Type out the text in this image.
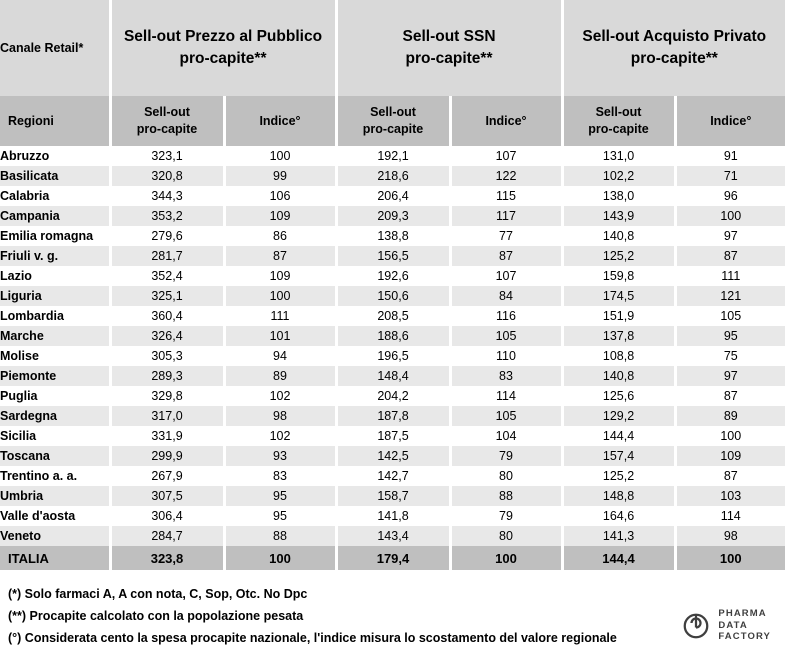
Canale Retail*	
Sell-out Prezzo al Pubblico
pro-capite**

Sell-out SSN
pro-capite**

Sell-out Acquisto Privato
pro-capite**

Regioni	
Sell-out
pro-capite
	Indice°	
Sell-out
pro-capite
	Indice°	
Sell-out
pro-capite
	Indice°
Abruzzo	323,1	100	192,1	107	131,0	91
Basilicata	320,8	99	218,6	122	102,2	71
Calabria	344,3	106	206,4	115	138,0	96
Campania	353,2	109	209,3	117	143,9	100
Emilia romagna	279,6	86	138,8	77	140,8	97
Friuli v. g.	281,7	87	156,5	87	125,2	87
Lazio	352,4	109	192,6	107	159,8	111
Liguria	325,1	100	150,6	84	174,5	121
Lombardia	360,4	111	208,5	116	151,9	105
Marche	326,4	101	188,6	105	137,8	95
Molise	305,3	94	196,5	110	108,8	75
Piemonte	289,3	89	148,4	83	140,8	97
Puglia	329,8	102	204,2	114	125,6	87
Sardegna	317,0	98	187,8	105	129,2	89
Sicilia	331,9	102	187,5	104	144,4	100
Toscana	299,9	93	142,5	79	157,4	109
Trentino a. a.	267,9	83	142,7	80	125,2	87
Umbria	307,5	95	158,7	88	148,8	103
Valle d'aosta	306,4	95	141,8	79	164,6	114
Veneto	284,7	88	143,4	80	141,3	98
ITALIA	323,8	100	179,4	100	144,4	100
(*) Solo farmaci A, A con nota, C, Sop, Otc. No Dpc
(**) Procapite calcolato con la popolazione pesata
(°) Considerata cento la spesa procapite nazionale, l'indice misura lo scostamento del valore regionale
PHARMA
DATA
FACTORY
